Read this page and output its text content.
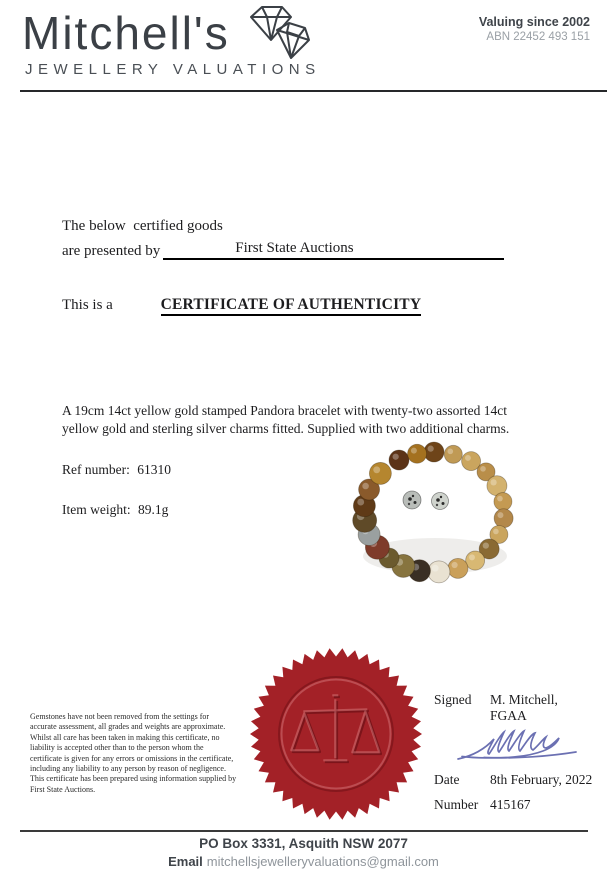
Mitchell's
JEWELLERY VALUATIONS
Valuing since 2002
ABN 22452 493 151
The below  certified goods
are presented by	First State Auctions
This is a	CERTIFICATE OF AUTHENTICITY
A 19cm 14ct yellow gold stamped Pandora bracelet with twenty-two assorted 14ct yellow gold and sterling silver charms fitted. Supplied with two additional charms.
Ref number: 61310
Item weight: 89.1g
Gemstones have not been removed from the settings for accurate assessment, all grades and weights are approximate. Whilst all care has been taken in making this certificate, no liability is accepted other than to the person whom the certificate is given for any errors or omissions in the certificate, including any liability to any person by reason of negligence. This certificate has been prepared using information supplied by First State Auctions.
Signed	M. Mitchell, FGAA
Date	8th February, 2022
Number 415167
PO Box 3331, Asquith NSW 2077
Email mitchellsjewelleryvaluations@gmail.com
